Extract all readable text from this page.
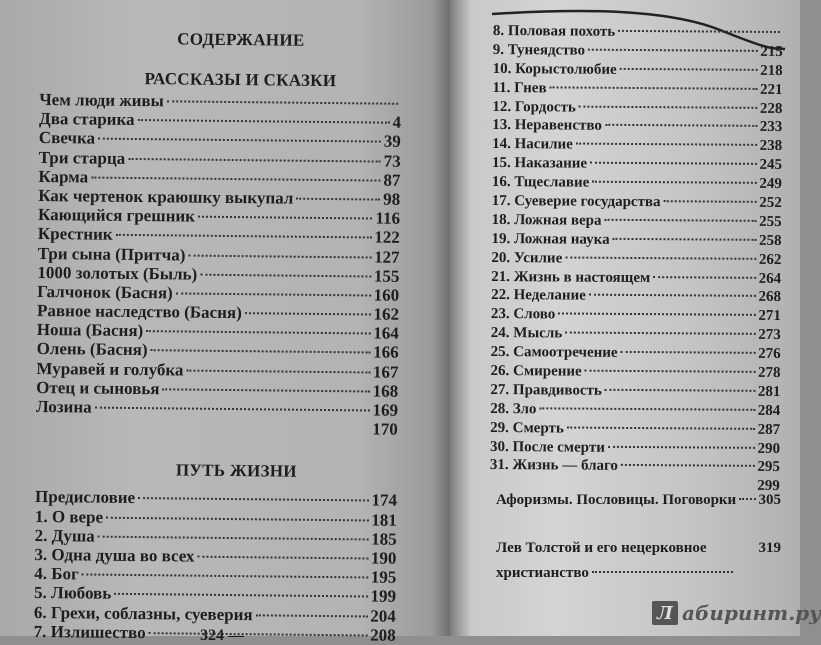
СОДЕРЖАНИЕ
РАССКАЗЫ И СКАЗКИ
Чем люди живы
Два старика	4
Свечка	39
Три старца	73
Карма	87
Как чертенок краюшку выкупал	98
Кающийся грешник	116
Крестник	122
Три сына (Притча)	127
1000 золотых (Быль)	155
Галчонок (Басня)	160
Равное наследство (Басня)	162
Ноша (Басня)	164
Олень (Басня)	166
Муравей и голубка	167
Отец и сыновья	168
Лозина	169
170
ПУТЬ ЖИЗНИ
Предисловие	174
1. О вере	181
2. Душа	185
3. Одна душа во всех	190
4. Бог	195
5. Любовь	199
6. Грехи, соблазны, суеверия	204
7. Излишество	208
324 —
8. Половая похоть
9. Тунеядство	215
10. Корыстолюбие	218
11. Гнев	221
12. Гордость	228
13. Неравенство	233
14. Насилие	238
15. Наказание	245
16. Тщеславие	249
17. Суеверие государства	252
18. Ложная вера	255
19. Ложная наука	258
20. Усилие	262
21. Жизнь в настоящем	264
22. Неделание	268
23. Слово	271
24. Мысль	273
25. Самоотречение	276
26. Смирение	278
27. Правдивость	281
28. Зло	284
29. Смерть	287
30. После смерти	290
31. Жизнь — благо	295
299
Афоризмы. Пословицы. Поговорки 305
Лев Толстой и его нецерковное	319
христианство
Л абиринт.ру
